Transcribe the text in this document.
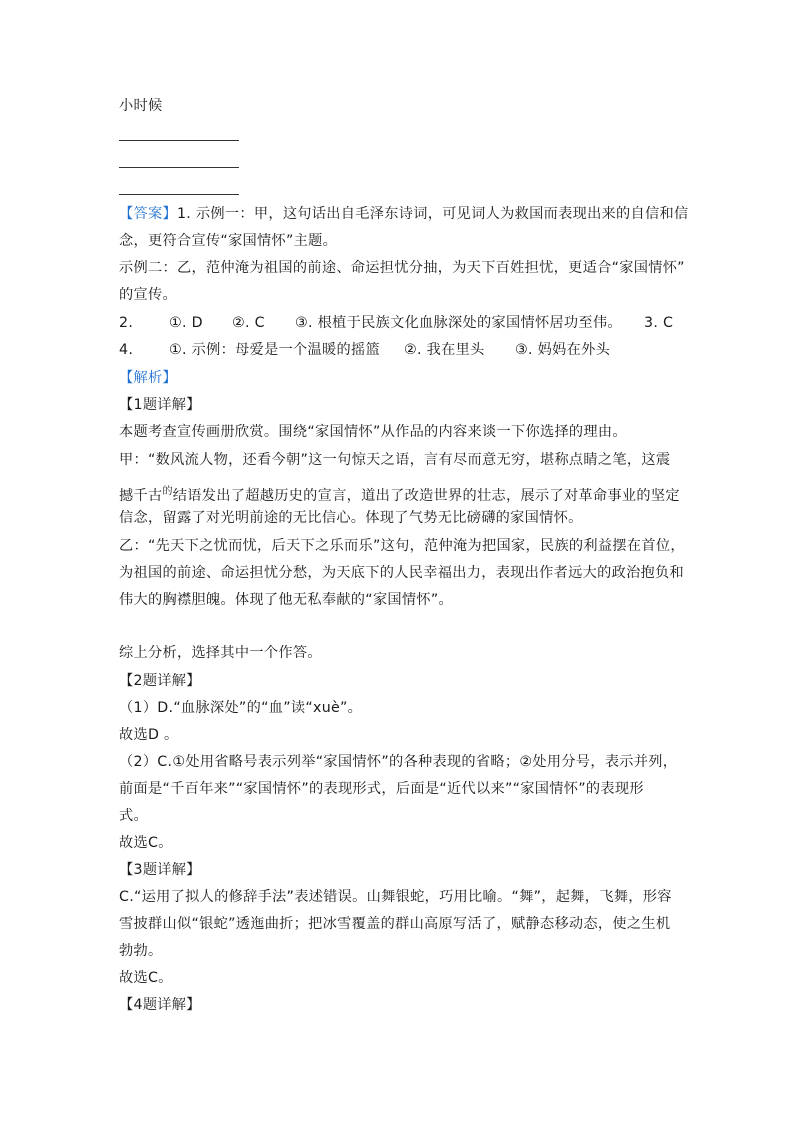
小时候
【答案】1. 示例一：甲，这句话出自毛泽东诗词，可见词人为救国而表现出来的自信和信
念，更符合宣传“家国情怀”主题。
示例二：乙，范仲淹为祖国的前途、命运担忧分抽，为天下百姓担忧，更适合“家国情怀”
的宣传。
2.	①. D ②. C ③. 根植于民族文化血脉深处的家国情怀居功至伟。 3. C
4.	①. 示例：母爱是一个温暖的摇篮 ②. 我在里头 ③. 妈妈在外头
【解析】
【1题详解】
本题考查宣传画册欣赏。围绕“家国情怀”从作品的内容来谈一下你选择的理由。
甲：“数风流人物，还看今朝”这一句惊天之语，言有尽而意无穷，堪称点睛之笔，这震
撼千古$^的$结语发出了超越历史的宣言，道出了改造世界的壮志，展示了对革命事业的坚定
信念，留露了对光明前途的无比信心。体现了气势无比磅礴的家国情怀。
乙：“先天下之忧而忧，后天下之乐而乐”这句，范仲淹为把国家，民族的利益摆在首位，
为祖国的前途、命运担忧分愁，为天底下的人民幸福出力，表现出作者远大的政治抱负和
伟大的胸襟胆魄。体现了他无私奉献的“家国情怀”。
综上分析，选择其中一个作答。
【2题详解】
（1）D.“血脉深处”的“血”读“xuè”。
故选D 。
（2）C.①处用省略号表示列举“家国情怀”的各种表现的省略；②处用分号，表示并列，
前面是“千百年来”“家国情怀”的表现形式，后面是“近代以来”“家国情怀”的表现形
式。
故选C。
【3题详解】
C.“运用了拟人的修辞手法”表述错误。山舞银蛇，巧用比喻。“舞”，起舞，飞舞，形容
雪披群山似“银蛇”透迤曲折；把冰雪覆盖的群山高原写活了，赋静态移动态，使之生机
勃勃。
故选C。
【4题详解】
